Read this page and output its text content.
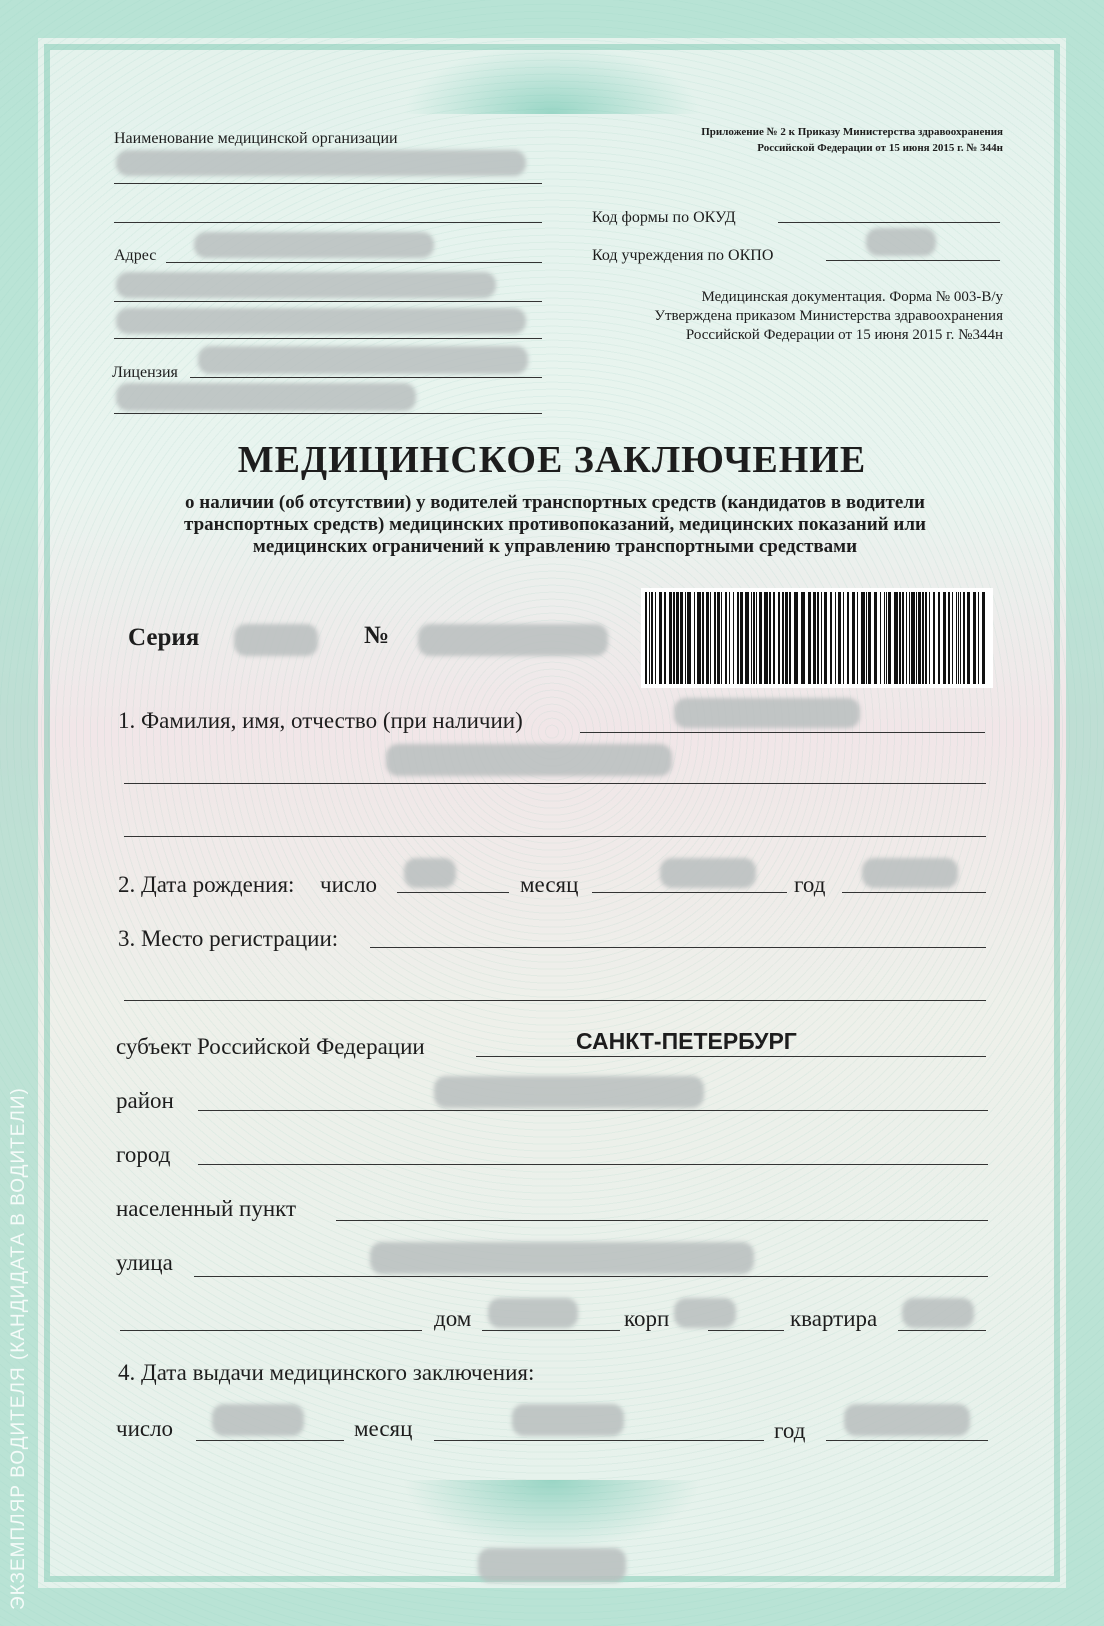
ЭКЗЕМПЛЯР ВОДИТЕЛЯ (КАНДИДАТА В ВОДИТЕЛИ)
Наименование медицинской организации
Адрес
Лицензия
Приложение № 2 к Приказу Министерства здравоохранения
Российской Федерации от 15 июня 2015 г. № 344н
Код формы по ОКУД
Код учреждения по ОКПО
Медицинская документация. Форма № 003-В/у
Утверждена приказом Министерства здравоохранения
Российской Федерации от 15 июня 2015 г. №344н
МЕДИЦИНСКОЕ ЗАКЛЮЧЕНИЕ
о наличии (об отсутствии) у водителей транспортных средств (кандидатов в водители
транспортных средств) медицинских противопоказаний, медицинских показаний или
медицинских ограничений к управлению транспортными средствами
Серия	№
1. Фамилия, имя, отчество (при наличии)
2. Дата рождения: число	месяц	год
3. Место регистрации:
субъект Российской Федерации	САНКТ-ПЕТЕРБУРГ
район
город
населенный пункт
улица
дом	корп	квартира
4. Дата выдачи медицинского заключения:
число	месяц	год
